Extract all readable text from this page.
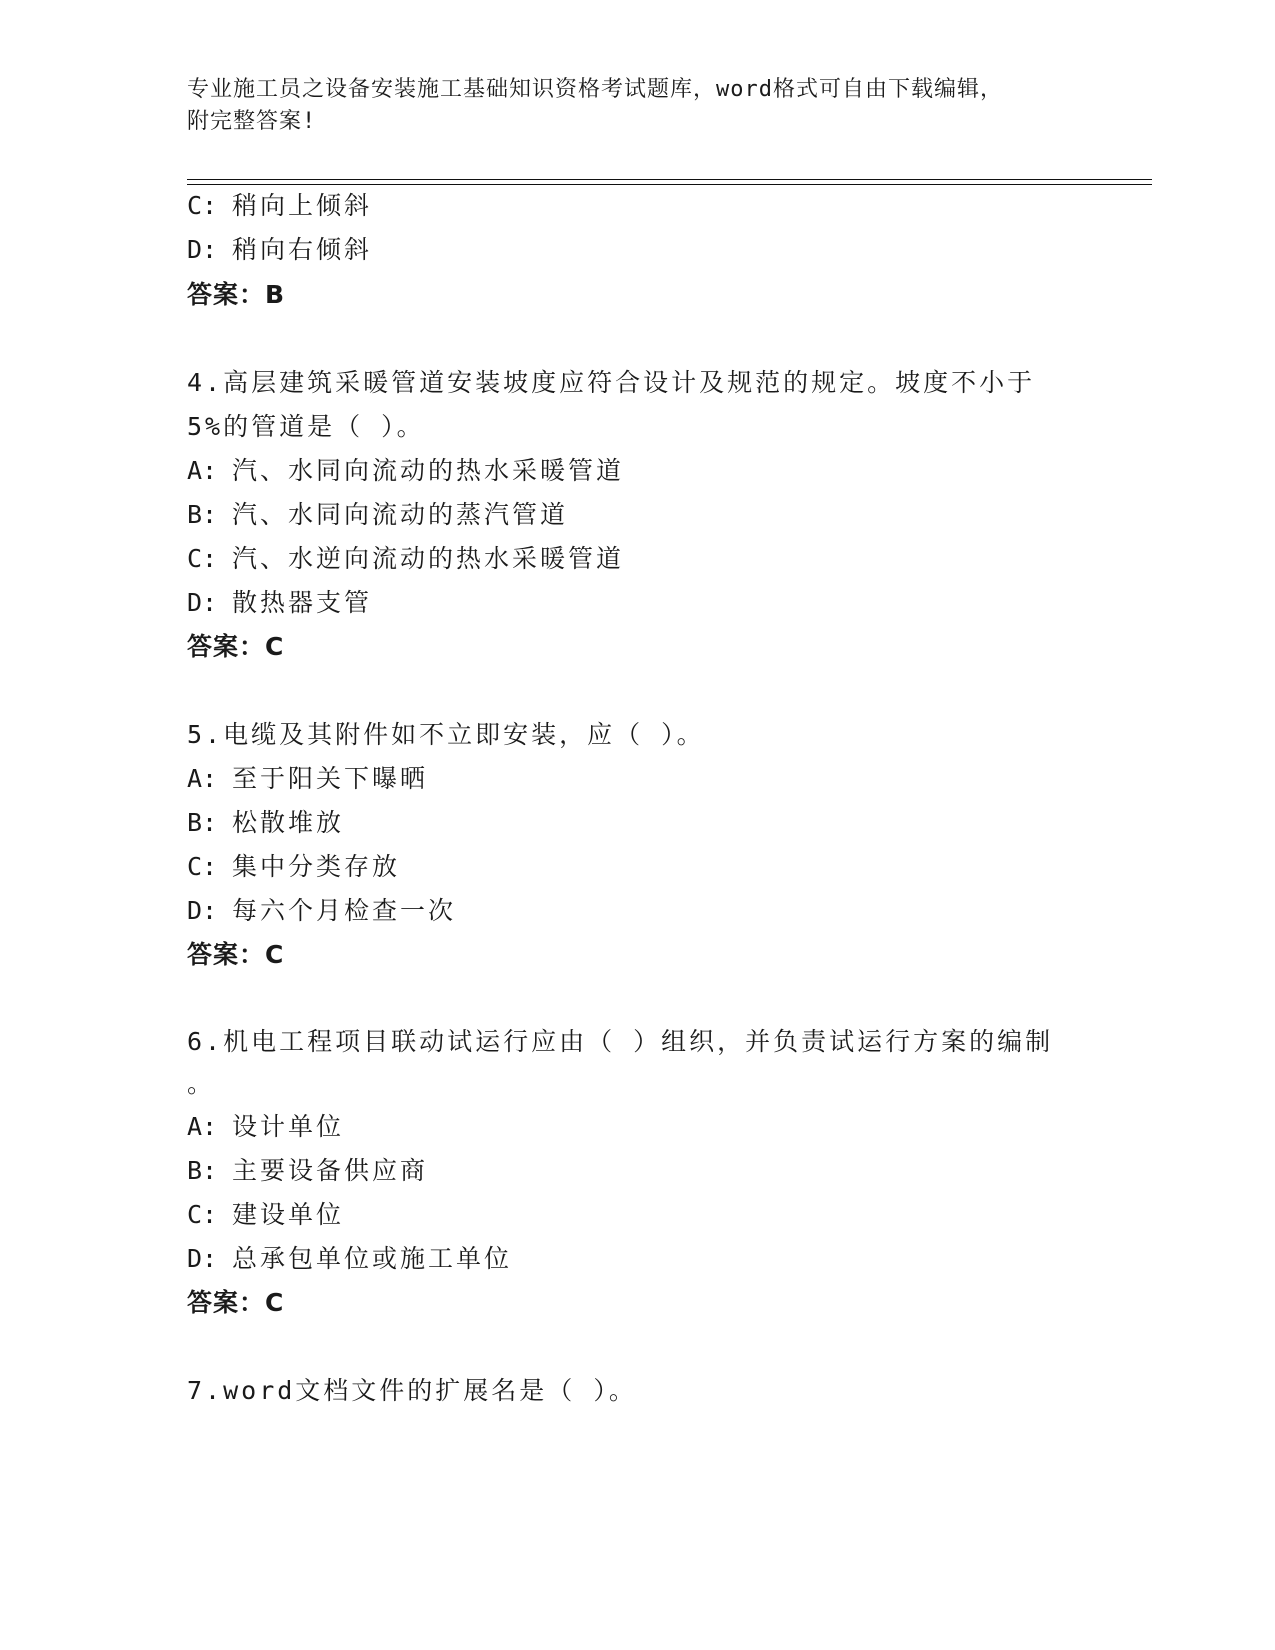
专业施工员之设备安装施工基础知识资格考试题库，word格式可自由下载编辑，
附完整答案!
C: 稍向上倾斜
D: 稍向右倾斜
答案：B
4.高层建筑采暖管道安装坡度应符合设计及规范的规定。坡度不小于
5%的管道是（ ）。
A: 汽、水同向流动的热水采暖管道
B: 汽、水同向流动的蒸汽管道
C: 汽、水逆向流动的热水采暖管道
D: 散热器支管
答案：C
5.电缆及其附件如不立即安装，应（ ）。
A: 至于阳关下曝晒
B: 松散堆放
C: 集中分类存放
D: 每六个月检查一次
答案：C
6.机电工程项目联动试运行应由（ ）组织，并负责试运行方案的编制
。
A: 设计单位
B: 主要设备供应商
C: 建设单位
D: 总承包单位或施工单位
答案：C
7.word文档文件的扩展名是（ ）。
